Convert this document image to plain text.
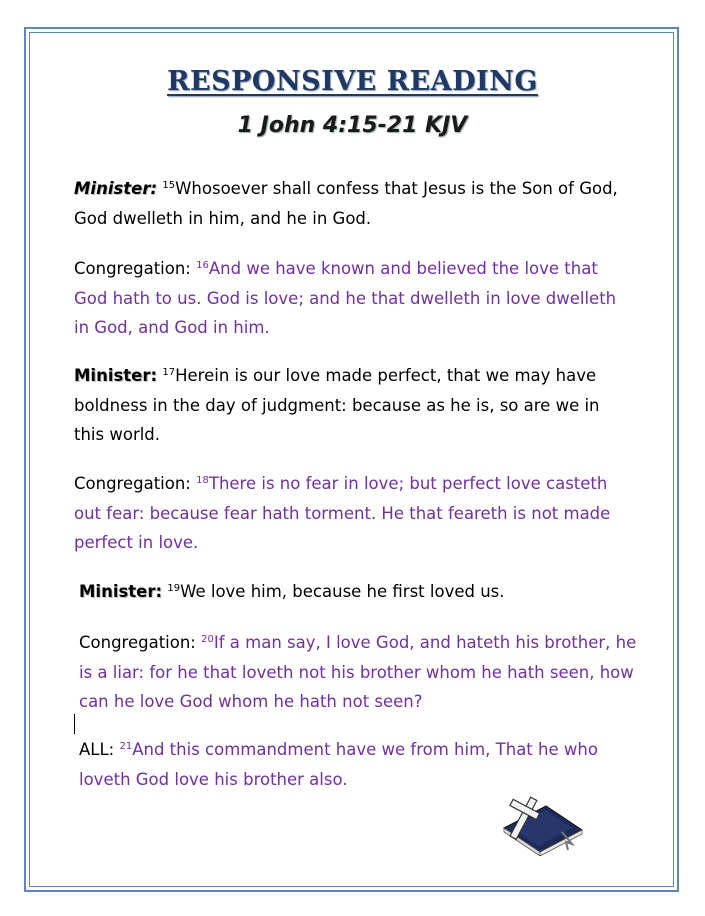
RESPONSIVE READING
1 John 4:15-21 KJV
Minister: $^{15}$Whosoever shall confess that Jesus is the Son of God, God dwelleth in him, and he in God.
Congregation: $^{16}$And we have known and believed the love that God hath to us. God is love; and he that dwelleth in love dwelleth in God, and God in him.
Minister: $^{17}$Herein is our love made perfect, that we may have boldness in the day of judgment: because as he is, so are we in this world.
Congregation: $^{18}$There is no fear in love; but perfect love casteth out fear: because fear hath torment. He that feareth is not made perfect in love.
Minister: $^{19}$We love him, because he first loved us.
Congregation: $^{20}$If a man say, I love God, and hateth his brother, he is a liar: for he that loveth not his brother whom he hath seen, how can he love God whom he hath not seen?
ALL: $^{21}$And this commandment have we from him, That he who loveth God love his brother also.
